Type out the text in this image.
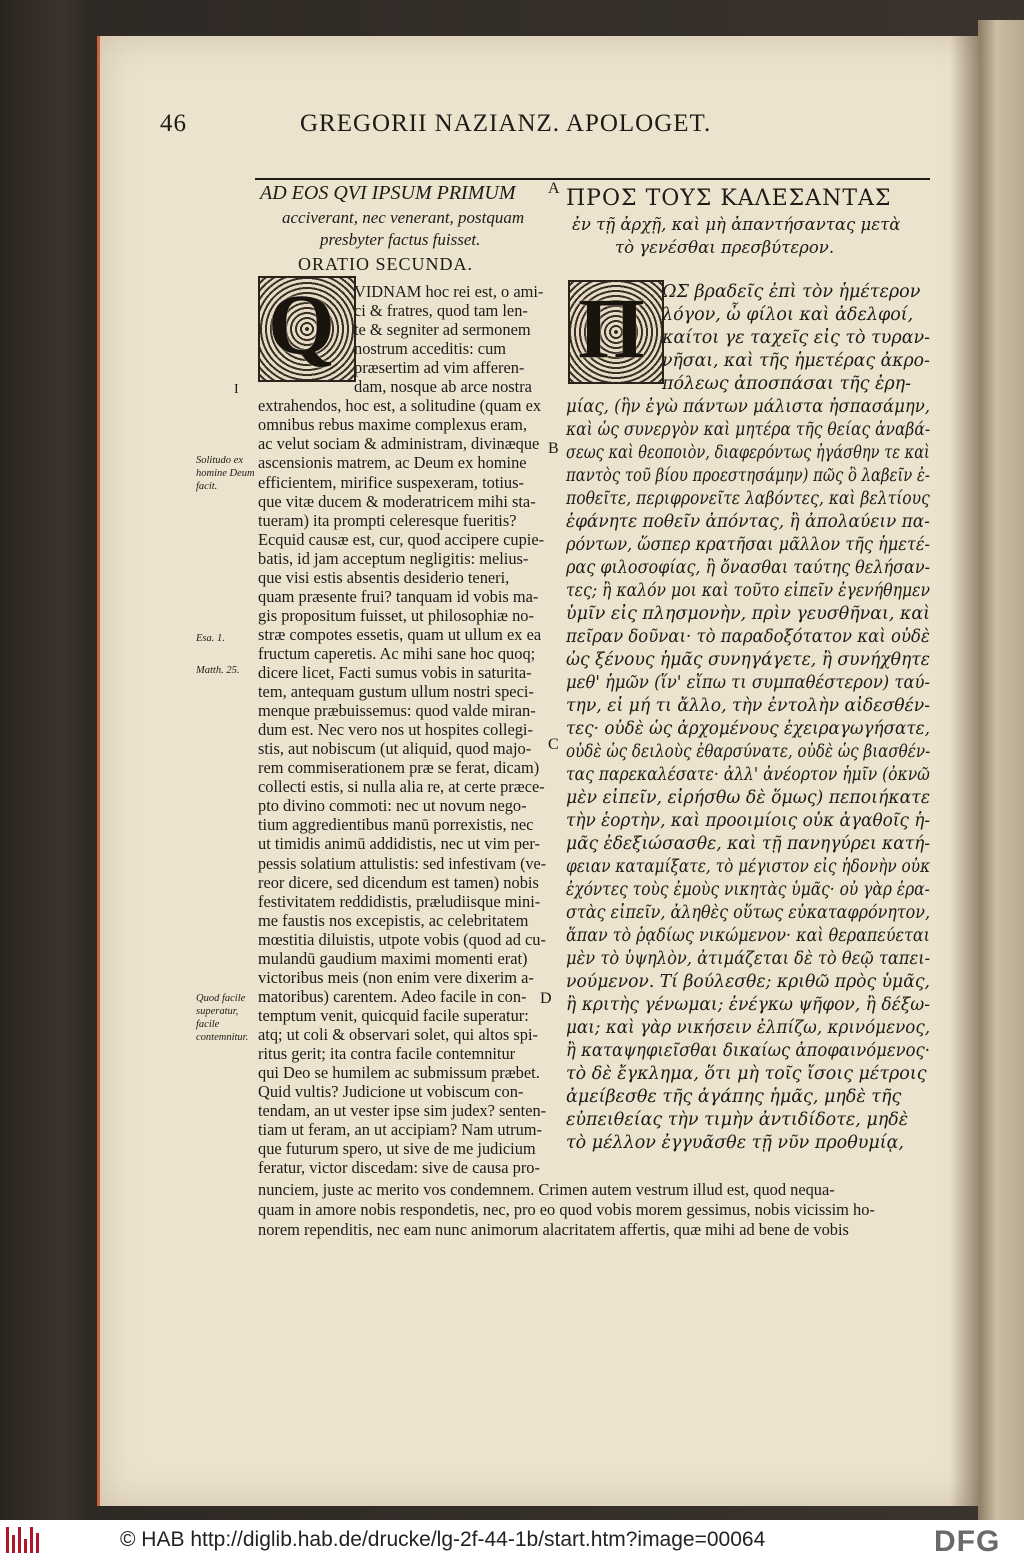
46	GREGORII NAZIANZ. APOLOGET.
AD EOS QVI IPSUM PRIMUM
acciverant, nec venerant, postquam
presbyter factus fuisset.
ORATIO SECUNDA.
ΠΡΟΣ ΤΟΥΣ ΚΑΛΕΣΑΝΤΑΣ
ἐν τῇ ἀρχῇ, καὶ μὴ ἀπαντήσαντας μετὰ
τὸ γενέσθαι πρεσβύτερον.
Q	Π
A
B
C
D
I
Solitudo ex homine Deum facit.
Esa. 1.
Matth. 25.
Quod facile superatur, facile contemnitur.
VIDNAM hoc rei est, o ami-
ci & fratres, quod tam len-
te & segniter ad sermonem
nostrum acceditis: cum
præsertim ad vim afferen-
dam, nosque ab arce nostra
extrahendos, hoc est, a solitudine (quam ex
omnibus rebus maxime complexus eram,
ac velut sociam & administram, divinæque
ascensionis matrem, ac Deum ex homine
efficientem, mirifice suspexeram, totius-
que vitæ ducem & moderatricem mihi sta-
tueram) ita prompti celeresque fueritis?
Ecquid causæ est, cur, quod accipere cupie-
batis, id jam acceptum negligitis: melius-
que visi estis absentis desiderio teneri,
quam præsente frui? tanquam id vobis ma-
gis propositum fuisset, ut philosophiæ no-
stræ compotes essetis, quam ut ullum ex ea
fructum caperetis. Ac mihi sane hoc quoq;
dicere licet, Facti sumus vobis in saturita-
tem, antequam gustum ullum nostri speci-
menque præbuissemus: quod valde miran-
dum est. Nec vero nos ut hospites collegi-
stis, aut nobiscum (ut aliquid, quod majo-
rem commiserationem præ se ferat, dicam)
collecti estis, si nulla alia re, at certe præce-
pto divino commoti: nec ut novum nego-
tium aggredientibus manū porrexistis, nec
ut timidis animū addidistis, nec ut vim per-
pessis solatium attulistis: sed infestivam (ve-
reor dicere, sed dicendum est tamen) nobis
festivitatem reddidistis, præludiisque mini-
me faustis nos excepistis, ac celebritatem
mœstitia diluistis, utpote vobis (quod ad cu-
mulandū gaudium maximi momenti erat)
victoribus meis (non enim vere dixerim a-
matoribus) carentem. Adeo facile in con-
temptum venit, quicquid facile superatur:
atq; ut coli & observari solet, qui altos spi-
ritus gerit; ita contra facile contemnitur
qui Deo se humilem ac submissum præbet.
Quid vultis? Judicione ut vobiscum con-
tendam, an ut vester ipse sim judex? senten-
tiam ut feram, an ut accipiam? Nam utrum-
que futurum spero, ut sive de me judicium
feratur, victor discedam: sive de causa pro-
ΩΣ βραδεῖς ἐπὶ τὸν ἡμέτερον
λόγον, ὦ φίλοι καὶ ἀδελφοί,
καίτοι γε ταχεῖς εἰς τὸ τυραν-
νῆσαι, καὶ τῆς ἡμετέρας ἀκρο-
πόλεως ἀποσπάσαι τῆς ἐρη-
μίας, (ἣν ἐγὼ πάντων μάλιστα ἠσπασάμην,
καὶ ὡς συνεργὸν καὶ μητέρα τῆς θείας ἀναβά-
σεως καὶ θεοποιὸν, διαφερόντως ἠγάσθην τε καὶ
παντὸς τοῦ βίου προεστησάμην) πῶς ὃ λαβεῖν ἐ-
ποθεῖτε, περιφρονεῖτε λαβόντες, καὶ βελτίους
ἐφάνητε ποθεῖν ἀπόντας, ἢ ἀπολαύειν πα-
ρόντων, ὥσπερ κρατῆσαι μᾶλλον τῆς ἡμετέ-
ρας φιλοσοφίας, ἢ ὄνασθαι ταύτης θελήσαν-
τες; ἢ καλόν μοι καὶ τοῦτο εἰπεῖν ἐγενήθημεν
ὑμῖν εἰς πλησμονὴν, πρὶν γευσθῆναι, καὶ
πεῖραν δοῦναι· τὸ παραδοξότατον καὶ οὐδὲ
ὡς ξένους ἡμᾶς συνηγάγετε, ἢ συνήχθητε
μεθ' ἡμῶν (ἵν' εἴπω τι συμπαθέστερον) ταύ-
την, εἰ μή τι ἄλλο, τὴν ἐντολὴν αἰδεσθέν-
τες· οὐδὲ ὡς ἀρχομένους ἐχειραγωγήσατε,
οὐδὲ ὡς δειλοὺς ἐθαρσύνατε, οὐδὲ ὡς βιασθέν-
τας παρεκαλέσατε· ἀλλ' ἀνέορτον ἡμῖν (ὀκνῶ
μὲν εἰπεῖν, εἰρήσθω δὲ ὅμως) πεποιήκατε
τὴν ἑορτὴν, καὶ προοιμίοις οὐκ ἀγαθοῖς ἡ-
μᾶς ἐδεξιώσασθε, καὶ τῇ πανηγύρει κατή-
φειαν καταμίξατε, τὸ μέγιστον εἰς ἡδονὴν οὐκ
ἐχόντες τοὺς ἐμοὺς νικητὰς ὑμᾶς· οὐ γὰρ ἐρα-
στὰς εἰπεῖν, ἀληθὲς οὕτως εὐκαταφρόνητον,
ἅπαν τὸ ῥᾳδίως νικώμενον· καὶ θεραπεύεται
μὲν τὸ ὑψηλὸν, ἀτιμάζεται δὲ τὸ θεῷ ταπει-
νούμενον. Τί βούλεσθε; κριθῶ πρὸς ὑμᾶς,
ἢ κριτὴς γένωμαι; ἐνέγκω ψῆφον, ἢ δέξω-
μαι; καὶ γὰρ νικήσειν ἐλπίζω, κρινόμενος,
ἢ καταψηφιεῖσθαι δικαίως ἀποφαινόμενος·
τὸ δὲ ἔγκλημα, ὅτι μὴ τοῖς ἴσοις μέτροις
ἀμείβεσθε τῆς ἀγάπης ἡμᾶς, μηδὲ τῆς
εὐπειθείας τὴν τιμὴν ἀντιδίδοτε, μηδὲ
τὸ μέλλον ἐγγυᾶσθε τῇ νῦν προθυμίᾳ,
nunciem, juste ac merito vos condemnem. Crimen autem vestrum illud est, quod nequa-
quam in amore nobis respondetis, nec, pro eo quod vobis morem gessimus, nobis vicissim ho-
norem rependitis, nec eam nunc animorum alacritatem affertis, quæ mihi ad bene de vobis
© HAB http://diglib.hab.de/drucke/lg-2f-44-1b/start.htm?image=00064	DFG
